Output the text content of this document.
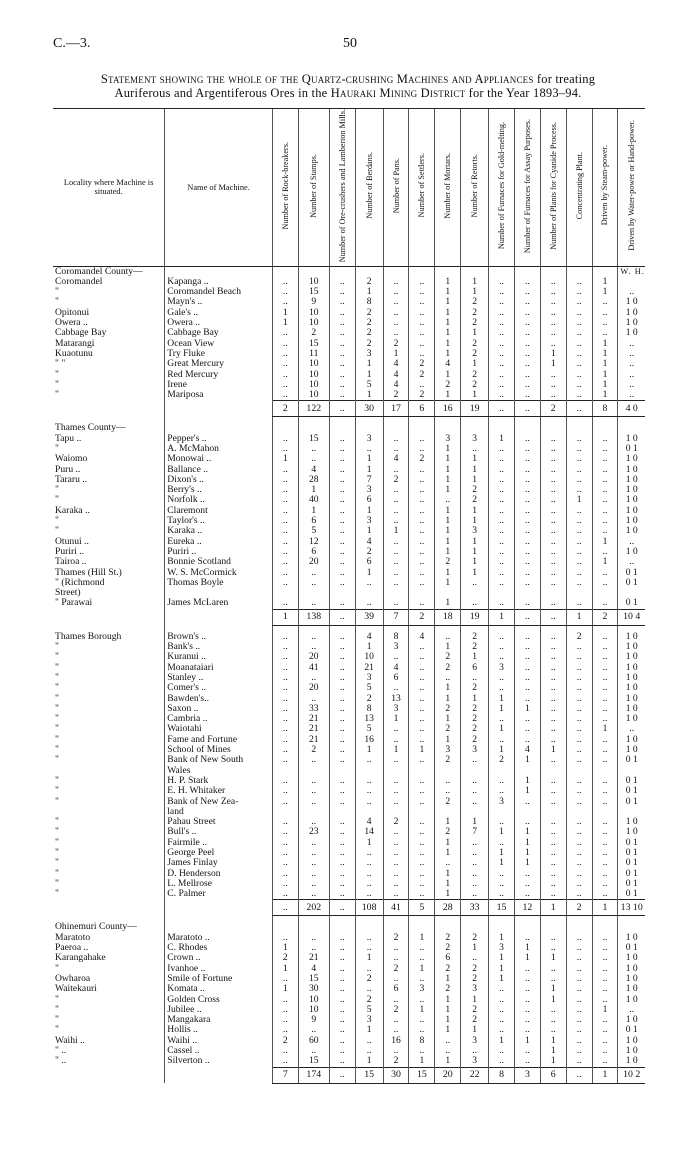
C.—3.	50
Statement showing the whole of the Quartz-crushing Machines and Appliances for treating
Auriferous and Argentiferous Ores in the Hauraki Mining District for the Year 1893–94.
Locality where Machine is situated.	Name of Machine.	Number of Rock-breakers.	Number of Stamps.	Number of Ore-crushers and Lamberton Mills.	Number of Berdans.	Number of Pans.	Number of Settlers.	Number of Mortars.	Number of Retorts.	Number of Furnaces for Gold-melting.	Number of Furnaces for Assay Purposes.	Number of Plants for Cyanide Process.	Concentrating Plant.	Driven by Steam-power.	Driven by Water-power or Hand-power.
Coromandel County—															W. H.
Coromandel	Kapanga ..	..	10	..	2	..	..	1	1	..	..	..	..	1	
"	Coromandel Beach	..	15	..	1	..	..	1	1	..	..	..	..	1	..
"	Mayn's ..	..	9	..	8	..	..	1	2	..	..	..	..	..	1 0
Opitonui	Gale's ..	1	10	..	2	..	..	1	2	..	..	..	..	..	1 0
Owera ..	Owera ..	1	10	..	2	..	..	1	2	..	..	..	..	..	1 0
Cabbage Bay	Cabbage Bay	..	2	..	2	..	..	1	1	..	..	..	..	..	1 0
Matarangi	Ocean View	..	15	..	2	2	..	1	2	..	..	..	..	1	..
Kuaotunu	Try Fluke	..	11	..	3	1	..	1	2	..	..	1	..	1	..
" "	Great Mercury	..	10	..	1	4	2	4	1	..	..	1	..	1	..
"	Red Mercury	..	10	..	1	4	2	1	2	..	..	..	..	1	..
"	Irene	..	10	..	5	4	..	2	2	..	..	..	..	1	..
"	Mariposa	..	10	..	1	2	2	1	1	..	..	..	..	1	..
		2	122	..	30	17	6	16	19	..	..	2	..	8	4 0

Thames County—															
Tapu ..	Pepper's ..	..	15	..	3	..	..	3	3	1	..	..	..	..	1 0
"	A. McMahon	..	..	..	..	..	..	1	..	..	..	..	..	..	0 1
Waiomo	Monowai ..	1	..	..	1	4	2	1	1	..	..	..	..	..	1 0
Puru ..	Ballance ..	..	4	..	1	..	..	1	1	..	..	..	..	..	1 0
Tararu ..	Dixon's ..	..	28	..	7	2	..	1	1	..	..	..	..	..	1 0
"	Berry's ..	..	1	..	3	..	..	1	2	..	..	..	..	..	1 0
"	Norfolk ..	..	40	..	6	..	..	..	2	..	..	..	1	..	1 0
Karaka ..	Claremont	..	1	..	1	..	..	1	1	..	..	..	..	..	1 0
"	Taylor's ..	..	6	..	3	..	..	1	1	..	..	..	..	..	1 0
"	Karaka ..	..	5	..	1	1	..	1	3	..	..	..	..	..	1 0
Otunui ..	Eureka ..	..	12	..	4	..	..	1	1	..	..	..	..	1	..
Puriri ..	Puriri ..	..	6	..	2	..	..	1	1	..	..	..	..	..	1 0
Tairoa ..	Bonnie Scotland	..	20	..	6	..	..	2	1	..	..	..	..	1	..
Thames (Hill St.)	W. S. McCormick	..	..	..	1	..	..	1	1	..	..	..	..	..	0 1
" (Richmond	Thomas Boyle	..	..	..	..	..	..	1	..	..	..	..	..	..	0 1
Street)															
" Parawai	James McLaren	..	..	..	..	..	..	1	..	..	..	..	..	..	0 1
		1	138	..	39	7	2	18	19	1	..	..	1	2	10 4

Thames Borough	Brown's ..	..	..	..	4	8	4	..	2	..	..	..	2	..	1 0
"	Bank's ..	..	..	..	1	3	..	1	2	..	..	..	..	..	1 0
"	Kuranui ..	..	20	..	10	..	..	2	1	..	..	..	..	..	1 0
"	Moanataiari	..	41	..	21	4	..	2	6	3	..	..	..	..	1 0
"	Stanley ..	..	..	..	3	6	..	..	..	..	..	..	..	..	1 0
"	Comer's ..	..	20	..	5	..	..	1	2	..	..	..	..	..	1 0
"	Bawden's..	..	..	..	2	13	..	1	1	1	..	..	..	..	1 0
"	Saxon ..	..	33	..	8	3	..	2	2	1	1	..	..	..	1 0
"	Cambria ..	..	21	..	13	1	..	1	2	..	..	..	..	..	1 0
"	Waiotahi	..	21	..	5	..	..	2	2	1	..	..	..	1	..
"	Fame and Fortune	..	21	..	16	..	..	1	2	..	..	..	..	..	1 0
"	School of Mines	..	2	..	1	1	1	3	3	1	4	1	..	..	1 0
"	Bank of New South	..	..	..	..	..	..	2	..	2	1	..	..	..	0 1
	Wales														
"	H. P. Stark	..	..	..	..	..	..	..	..	..	1	..	..	..	0 1
"	E. H. Whitaker	..	..	..	..	..	..	..	..	..	1	..	..	..	0 1
"	Bank of New Zea-	..	..	..	..	..	..	2	..	3	..	..	..	..	0 1
	land														
"	Pahau Street	..	..	..	4	2	..	1	1	..	..	..	..	..	1 0
"	Bull's ..	..	23	..	14	..	..	2	7	1	1	..	..	..	1 0
"	Fairmile ..	..	..	..	1	..	..	1	..	..	1	..	..	..	0 1
"	George Peel	..	..	..	..	..	..	1	..	1	1	..	..	..	0 1
"	James Finlay	..	..	..	..	..	..	..	..	1	1	..	..	..	0 1
"	D. Henderson	..	..	..	..	..	..	1	..	..	..	..	..	..	0 1
"	L. Mellrose	..	..	..	..	..	..	1	..	..	..	..	..	..	0 1
"	C. Palmer	..	..	..	..	..	..	1	..	..	..	..	..	..	0 1
		..	202	..	108	41	5	28	33	15	12	1	2	1	13 10

Ohinemuri County—															
Maratoto	Maratoto ..	..	..	..	..	2	1	2	2	1	..	..	..	..	1 0
Paeroa ..	C. Rhodes	1	..	..	..	..	..	2	1	3	1	..	..	..	0 1
Karangahake	Crown ..	2	21	..	1	..	..	6	..	1	1	1	..	..	1 0
"	Ivanhoe ..	1	4	..	..	2	1	2	2	1	..	..	..	..	1 0
Owharoa	Smile of Fortune	..	15	..	2	..	..	1	2	1	..	..	..	..	1 0
Waitekauri	Komata ..	1	30	..	..	6	3	2	3	..	..	1	..	..	1 0
"	Golden Cross	..	10	..	2	..	..	1	1	..	..	1	..	..	1 0
"	Jubilee ..	..	10	..	5	2	1	1	2	..	..	..	..	1	..
"	Mangakara	..	9	..	3	..	..	1	2	..	..	..	..	..	1 0
"	Hollis ..	..	..	..	1	..	..	1	1	..	..	..	..	..	0 1
Waihi ..	Waihi ..	2	60	..	..	16	8	..	3	1	1	1	..	..	1 0
" ..	Cassel ..	..	..	..	..	..	..	..	..	..	..	1	..	..	1 0
" ..	Silverton ..	..	15	..	1	2	1	1	3	..	..	1	..	..	1 0
		7	174	..	15	30	15	20	22	8	3	6	..	1	10 2
